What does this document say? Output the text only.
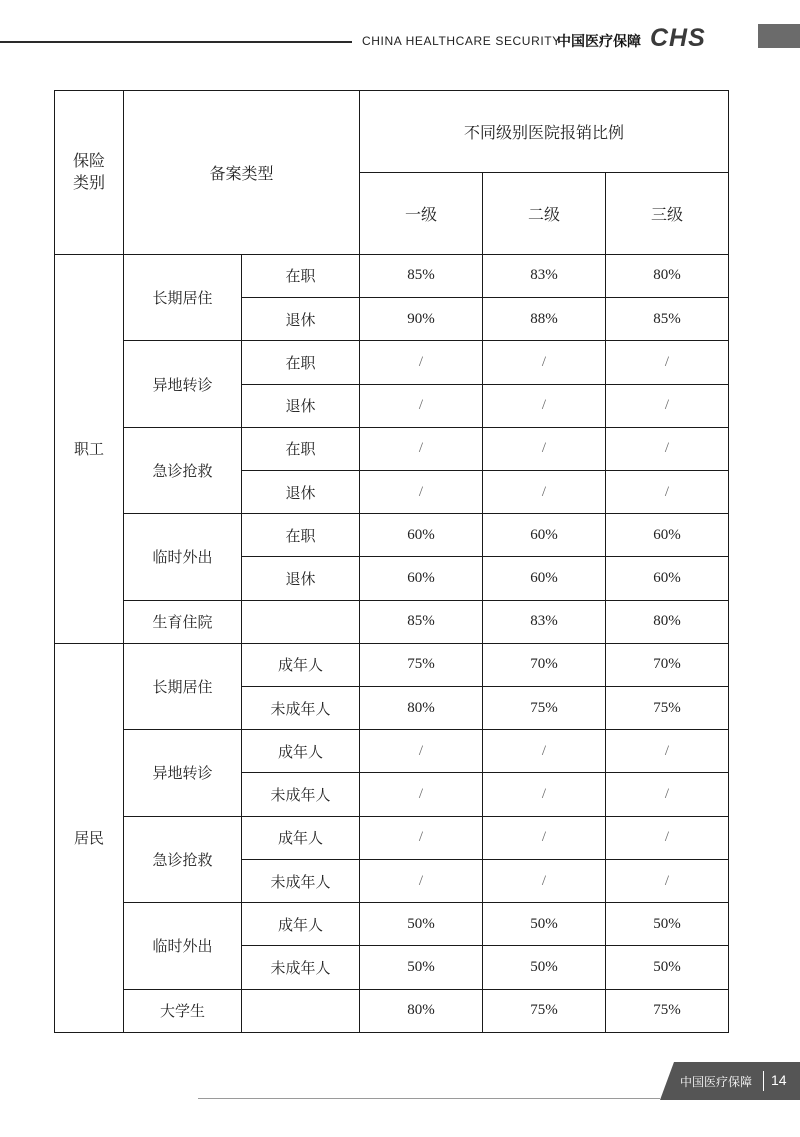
CHINA HEALTHCARE SECURITY
中国医疗保障 CHS
保险
类别	备案类型		不同级别医院报销比例		
			一级	二级	三级
职工	长期居住	在职	85%	83%	80%
		退休	90%	88%	85%
	异地转诊	在职	/	/	/
		退休	/	/	/
	急诊抢救	在职	/	/	/
		退休	/	/	/
	临时外出	在职	60%	60%	60%
		退休	60%	60%	60%
	生育住院		85%	83%	80%
居民	长期居住	成年人	75%	70%	70%
		未成年人	80%	75%	75%
	异地转诊	成年人	/	/	/
		未成年人	/	/	/
	急诊抢救	成年人	/	/	/
		未成年人	/	/	/
	临时外出	成年人	50%	50%	50%
		未成年人	50%	50%	50%
	大学生		80%	75%	75%
中国医疗保障 14
